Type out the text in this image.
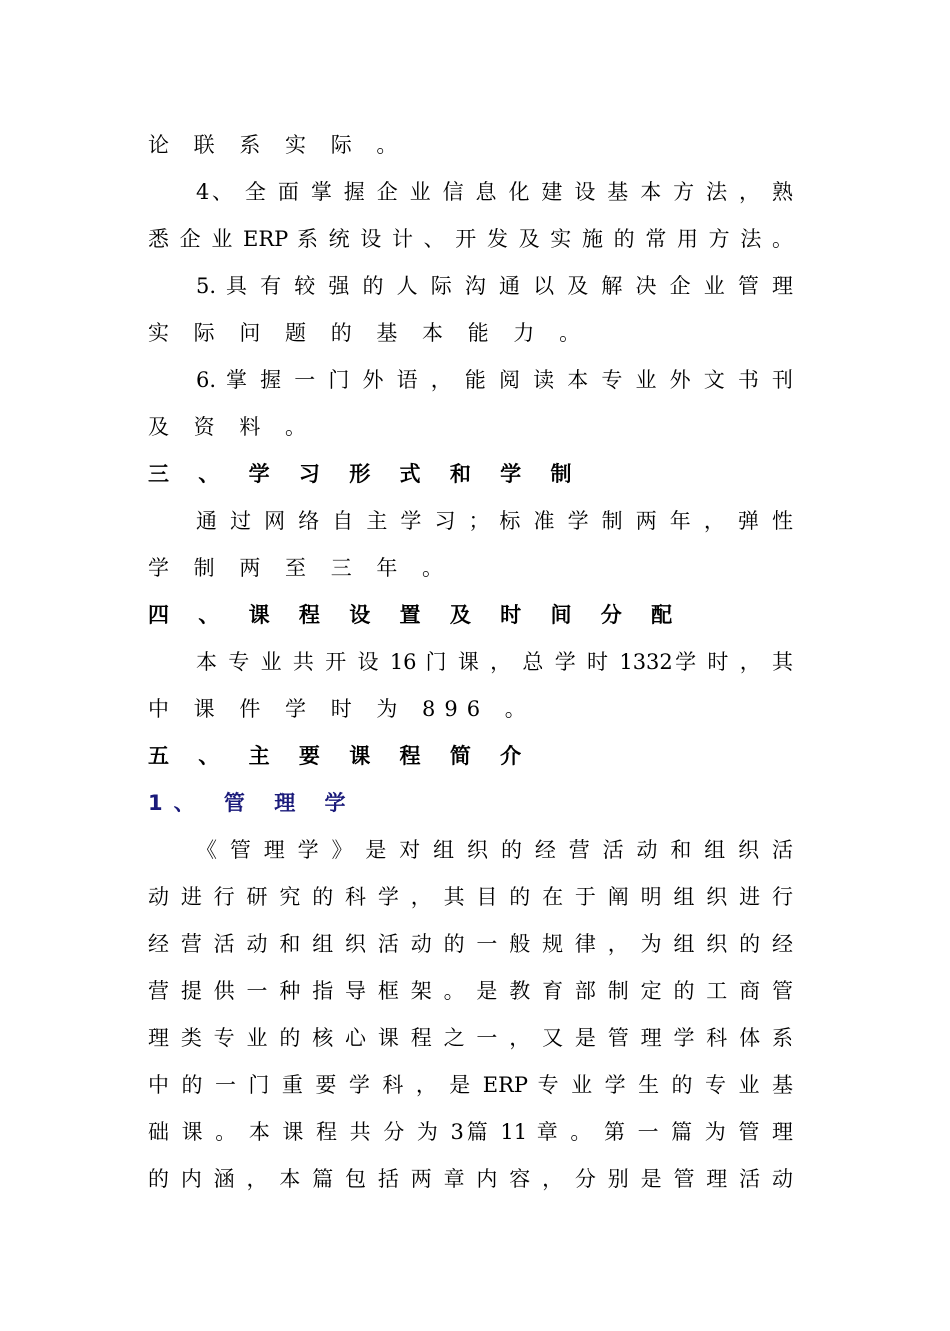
论 联 系 实 际 。
4、 全 面 掌 握 企 业 信 息 化 建 设 基 本 方 法 ， 熟
悉 企 业 ERP 系 统 设 计 、 开 发 及 实 施 的 常 用 方 法 。
5. 具 有 较 强 的 人 际 沟 通 以 及 解 决 企 业 管 理
实 际 问 题 的 基 本 能 力 。
6. 掌 握 一 门 外 语 ， 能 阅 读 本 专 业 外 文 书 刊
及 资 料 。
三 、 学 习 形 式 和 学 制
通 过 网 络 自 主 学 习 ； 标 准 学 制 两 年 ， 弹 性
学 制 两 至 三 年 。
四 、 课 程 设 置 及 时 间 分 配
本 专 业 共 开 设 16 门 课 ， 总 学 时 1332学 时 ， 其
中 课 件 学 时 为 896 。
五 、 主 要 课 程 简 介
1、 管 理 学
《 管 理 学 》 是 对 组 织 的 经 营 活 动 和 组 织 活
动 进 行 研 究 的 科 学 ， 其 目 的 在 于 阐 明 组 织 进 行
经 营 活 动 和 组 织 活 动 的 一 般 规 律 ， 为 组 织 的 经
营 提 供 一 种 指 导 框 架 。 是 教 育 部 制 定 的 工 商 管
理 类 专 业 的 核 心 课 程 之 一 ， 又 是 管 理 学 科 体 系
中 的 一 门 重 要 学 科 ， 是 ERP 专 业 学 生 的 专 业 基
础 课 。 本 课 程 共 分 为 3篇 11 章 。 第 一 篇 为 管 理
的 内 涵 ， 本 篇 包 括 两 章 内 容 ， 分 别 是 管 理 活 动
